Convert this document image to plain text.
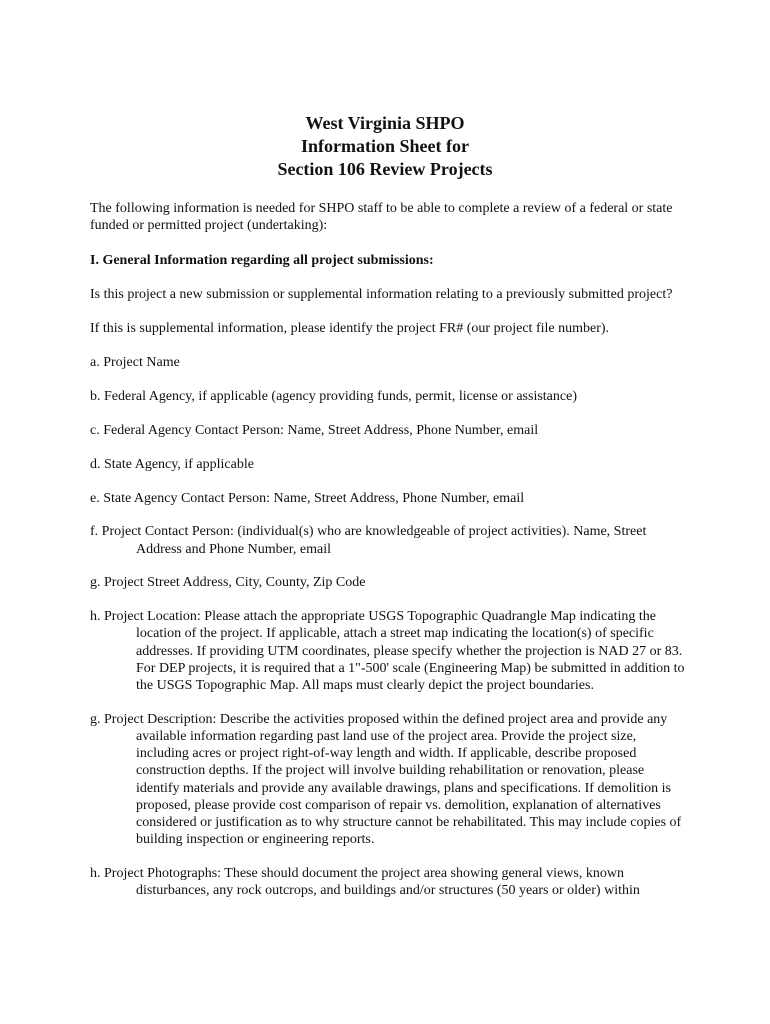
West Virginia SHPO
Information Sheet for
Section 106 Review Projects

The following information is needed for SHPO staff to be able to complete a review of a federal or state funded or permitted project (undertaking):

I. General Information regarding all project submissions:

Is this project a new submission or supplemental information relating to a previously submitted project?

If this is supplemental information, please identify the project FR# (our project file number).

a. Project Name

b. Federal Agency, if applicable (agency providing funds, permit, license or assistance)

c. Federal Agency Contact Person: Name, Street Address, Phone Number, email

d. State Agency, if applicable

e. State Agency Contact Person: Name, Street Address, Phone Number, email

f. Project Contact Person: (individual(s) who are knowledgeable of project activities). Name, Street Address and Phone Number, email

g. Project Street Address, City, County, Zip Code

h. Project Location: Please attach the appropriate USGS Topographic Quadrangle Map indicating the location of the project. If applicable, attach a street map indicating the location(s) of specific addresses. If providing UTM coordinates, please specify whether the projection is NAD 27 or 83. For DEP projects, it is required that a 1"-500' scale (Engineering Map) be submitted in addition to the USGS Topographic Map. All maps must clearly depict the project boundaries.

g. Project Description: Describe the activities proposed within the defined project area and provide any available information regarding past land use of the project area. Provide the project size, including acres or project right-of-way length and width. If applicable, describe proposed construction depths. If the project will involve building rehabilitation or renovation, please identify materials and provide any available drawings, plans and specifications. If demolition is proposed, please provide cost comparison of repair vs. demolition, explanation of alternatives considered or justification as to why structure cannot be rehabilitated. This may include copies of building inspection or engineering reports.

h. Project Photographs: These should document the project area showing general views, known disturbances, any rock outcrops, and buildings and/or structures (50 years or older) within
